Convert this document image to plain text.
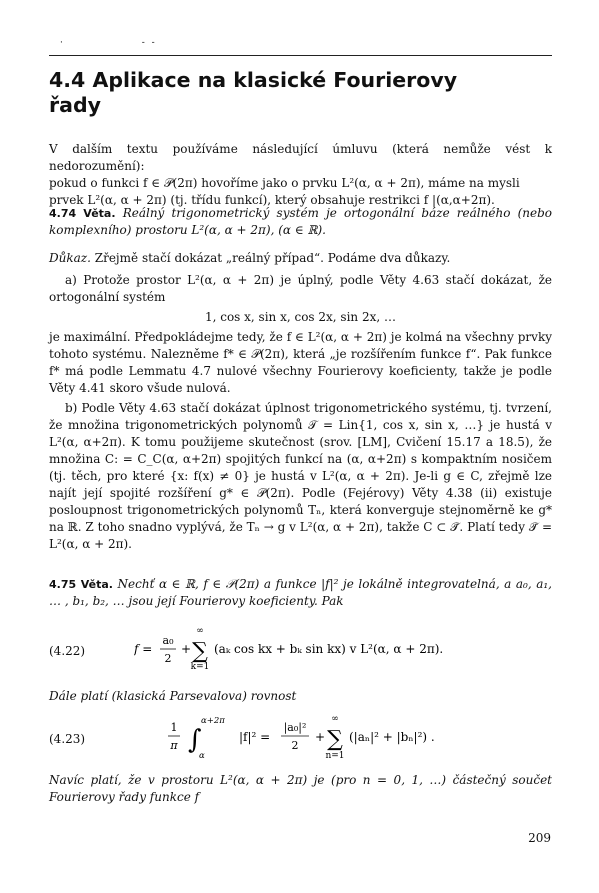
·	- -
4.4 Aplikace na klasické Fourierovy řady

V dalším textu používáme následující úmluvu (která nemůže vést k nedorozumění):

pokud o funkci f ∈ 𝒫(2π) hovoříme jako o prvku L²(α, α + 2π), máme na mysli

prvek L²(α, α + 2π) (tj. třídu funkcí), který obsahuje restrikci f |(α,α+2π).

4.74 Věta. Reálný trigonometrický systém je ortogonální báze reálného (nebo komplexního) prostoru L²(α, α + 2π), (α ∈ ℝ).

Důkaz. Zřejmě stačí dokázat „reálný případ“. Podáme dva důkazy.

a) Protože prostor L²(α, α + 2π) je úplný, podle Věty 4.63 stačí dokázat, že ortogonální systém

1, cos x, sin x, cos 2x, sin 2x, …

je maximální. Předpokládejme tedy, že f ∈ L²(α, α + 2π) je kolmá na všechny prvky tohoto systému. Nalezněme f* ∈ 𝒫(2π), která „je rozšířením funkce f“. Pak funkce f* má podle Lemmatu 4.7 nulové všechny Fourierovy koeficienty, takže je podle Věty 4.41 skoro všude nulová.

b) Podle Věty 4.63 stačí dokázat úplnost trigonometrického systému, tj. tvrzení, že množina trigonometrických polynomů 𝒯 = Lin{1, cos x, sin x, …} je hustá v L²(α, α+2π). K tomu použijeme skutečnost (srov. [LM], Cvičení 15.17 a 18.5), že množina C: = C_C(α, α+2π) spojitých funkcí na (α, α+2π) s kompaktním nosičem (tj. těch, pro které {x: f(x) ≠ 0} je hustá v L²(α, α + 2π). Je-li g ∈ C, zřejmě lze najít její spojité rozšíření g* ∈ 𝒫(2π). Podle (Fejérovy) Věty 4.38 (ii) existuje posloupnost trigonometrických polynomů Tₙ, která konverguje stejnoměrně ke g* na ℝ. Z toho snadno vyplývá, že Tₙ → g v L²(α, α + 2π), takže C ⊂ 𝒯̄. Platí tedy 𝒯̄ = L²(α, α + 2π).

4.75 Věta. Nechť α ∈ ℝ, f ∈ 𝒫(2π) a funkce |f|² je lokálně integrovatelná, a a₀, a₁, … , b₁, b₂, … jsou její Fourierovy koeficienty. Pak

(4.22)	f =
a₀
2
+
∞
∑
k=1
(aₖ cos kx + bₖ sin kx) v L²(α, α + 2π).

Dále platí (klasická Parsevalova) rovnost

(4.23)
1
π ∫
α+2π
α
|f|² =
|a₀|²
2
+
∞
∑
n=1
(|aₙ|² + |bₙ|²) .

Navíc platí, že v prostoru L²(α, α + 2π) je (pro n = 0, 1, …) částečný součet Fourierovy řady funkce f

209
